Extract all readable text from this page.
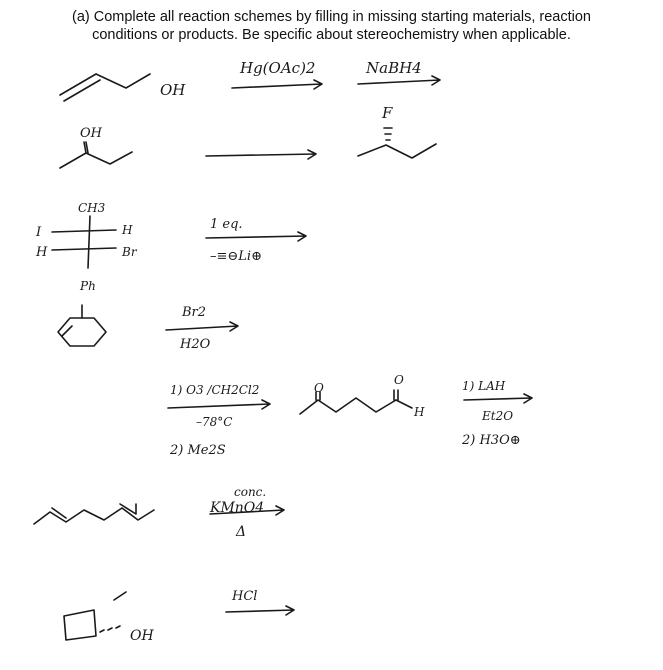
(a) Complete all reaction schemes by filling in missing starting materials, reaction
conditions or products. Be specific about stereochemistry when applicable.
OH
Hg(OAc)2	NaBH4
OH
F
CH3
I
H
H
Br
Ph
1 eq.
–≡⊖Li⊕
Br2
H2O
1) O3 /CH2Cl2
–78°C
2) Me2S
O
O
H
1) LAH
Et2O
2) H3O⊕
conc.
KMnO4
Δ
OH
HCl
